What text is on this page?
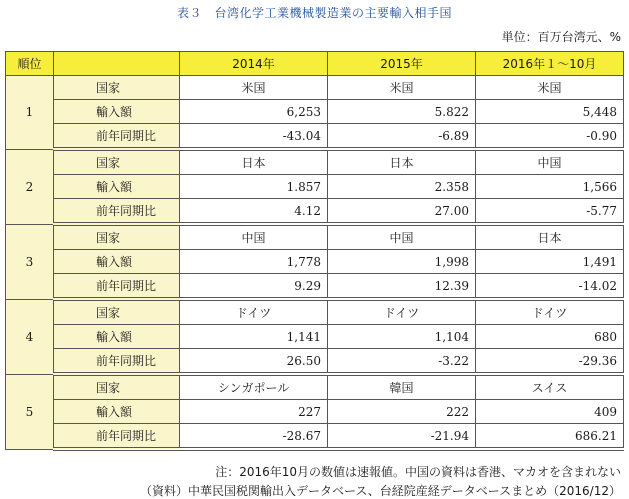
表３　台湾化学工業機械製造業の主要輸入相手国
単位：百万台湾元、%
順位		2014年	2015年	2016年１～10月
1	国家	米国	米国	米国
	輸入額	6,253	5.822	5,448
	前年同期比	-43.04	-6.89	-0.90
2	国家	日本	日本	中国
	輸入額	1.857	2.358	1,566
	前年同期比	4.12	27.00	-5.77
3	国家	中国	中国	日本
	輸入額	1,778	1,998	1,491
	前年同期比	9.29	12.39	-14.02
4	国家	ドイツ	ドイツ	ドイツ
	輸入額	1,141	1,104	680
	前年同期比	26.50	-3.22	-29.36
5	国家	シンガポール	韓国	スイス
	輸入額	227	222	409
	前年同期比	-28.67	-21.94	686.21
注：2016年10月の数値は速報値。中国の資料は香港、マカオを含まれない
（資料）中華民国税関輸出入データベース、台経院産経データベースまとめ（2016/12）
